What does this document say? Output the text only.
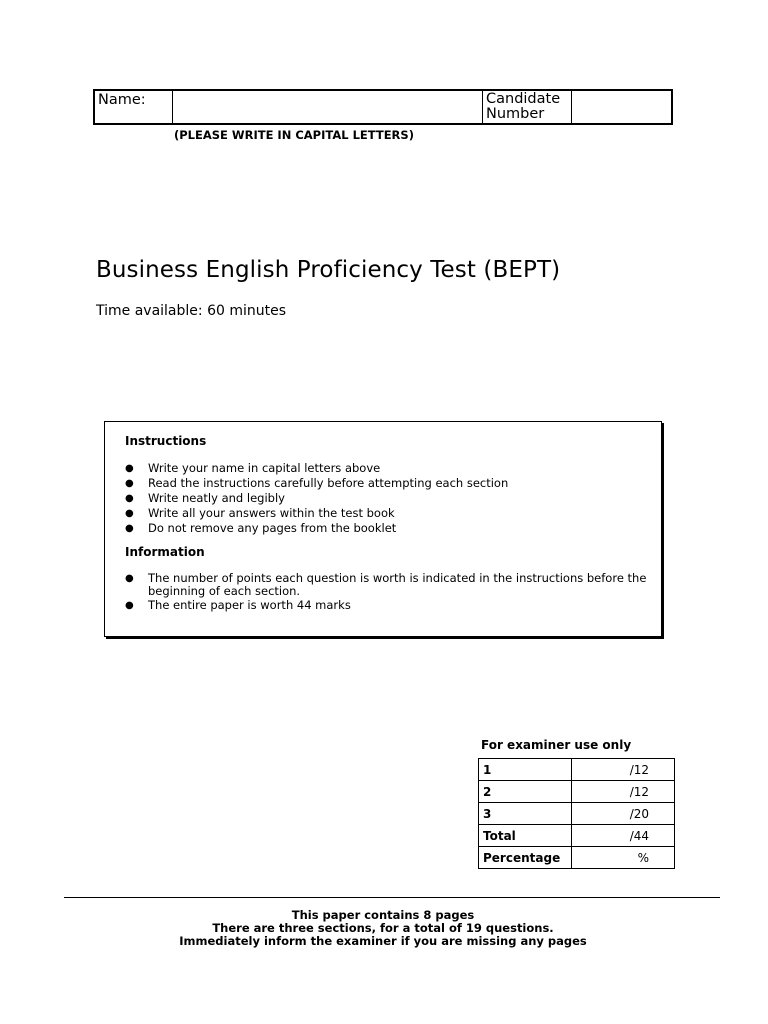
Name:	Candidate Number
(PLEASE WRITE IN CAPITAL LETTERS)
Business English Proficiency Test (BEPT)
Time available: 60 minutes
Instructions
● Write your name in capital letters above
● Read the instructions carefully before attempting each section
● Write neatly and legibly
● Write all your answers within the test book
● Do not remove any pages from the booklet
Information
● The number of points each question is worth is indicated in the instructions before the beginning of each section.
● The entire paper is worth 44 marks
For examiner use only
1	/12
2	/12
3	/20
Total	/44
Percentage	%
This paper contains 8 pages
There are three sections, for a total of 19 questions.
Immediately inform the examiner if you are missing any pages
